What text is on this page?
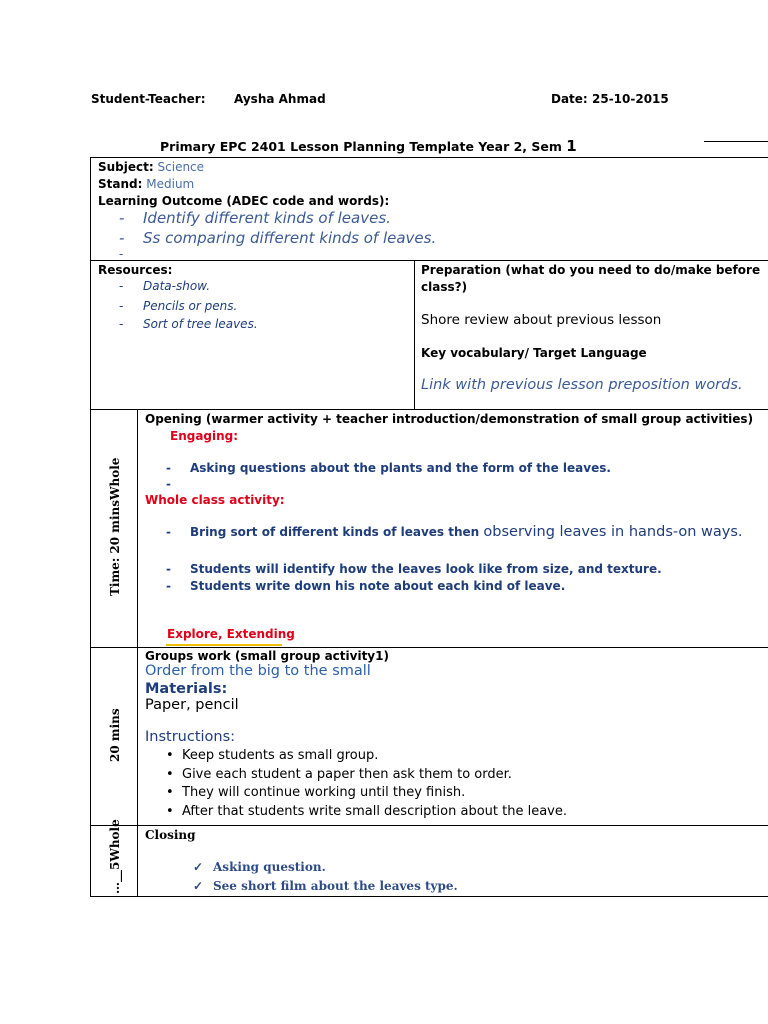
Student-Teacher: Aysha Ahmad	Date: 25-10-2015
Primary EPC 2401 Lesson Planning Template Year 2, Sem 1
Subject: Science
Stand: Medium
Learning Outcome (ADEC code and words):
- Identify different kinds of leaves.
- Ss comparing different kinds of leaves.
-
Resources:
- Data-show.
- Pencils or pens.
- Sort of tree leaves.
Preparation (what do you need to do/make before class?)
Shore review about previous lesson
Key vocabulary/ Target Language
Link with previous lesson preposition words.
Time: 20 minsWhole
Opening (warmer activity + teacher introduction/demonstration of small group activities)
Engaging:
- Asking questions about the plants and the form of the leaves.
-
Whole class activity:
-	Bring sort of different kinds of leaves then observing leaves in hands-on ways.
- Students will identify how the leaves look like from size, and texture.
- Students write down his note about each kind of leave.
Explore, Extending
20 mins
Groups work (small group activity1)
Order from the big to the small
Materials:
Paper, pencil
Instructions:
• Keep students as small group.
• Give each student a paper then ask them to order.
• They will continue working until they finish.
• After that students write small description about the leave.
…__5Whole Closing
✓ Asking question.
✓ See short film about the leaves type.
